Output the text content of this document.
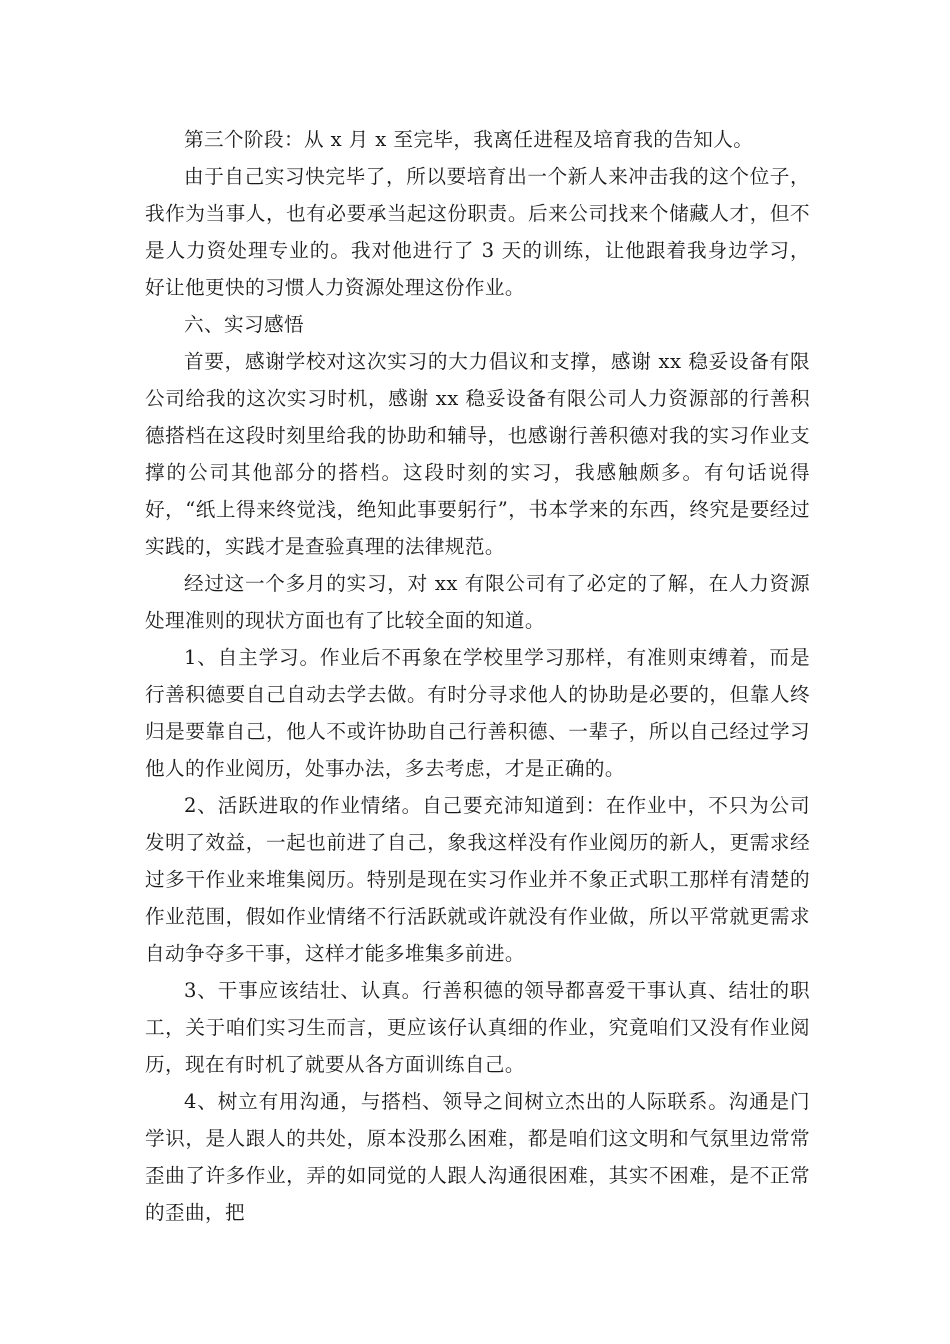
第三个阶段：从 x 月 x 至完毕，我离任进程及培育我的告知人。

由于自己实习快完毕了，所以要培育出一个新人来冲击我的这个位子，我作为当事人，也有必要承当起这份职责。后来公司找来个储藏人才，但不是人力资处理专业的。我对他进行了 3 天的训练，让他跟着我身边学习，好让他更快的习惯人力资源处理这份作业。

六、实习感悟

首要，感谢学校对这次实习的大力倡议和支撑，感谢 xx 稳妥设备有限公司给我的这次实习时机，感谢 xx 稳妥设备有限公司人力资源部的行善积德搭档在这段时刻里给我的协助和辅导，也感谢行善积德对我的实习作业支撑的公司其他部分的搭档。这段时刻的实习，我感触颇多。有句话说得好，“纸上得来终觉浅，绝知此事要躬行”，书本学来的东西，终究是要经过实践的，实践才是查验真理的法律规范。

经过这一个多月的实习，对 xx 有限公司有了必定的了解，在人力资源处理准则的现状方面也有了比较全面的知道。

1、自主学习。作业后不再象在学校里学习那样，有准则束缚着，而是行善积德要自己自动去学去做。有时分寻求他人的协助是必要的，但靠人终归是要靠自己，他人不或许协助自己行善积德、一辈子，所以自己经过学习他人的作业阅历，处事办法，多去考虑，才是正确的。

2、活跃进取的作业情绪。自己要充沛知道到：在作业中，不只为公司发明了效益，一起也前进了自己，象我这样没有作业阅历的新人，更需求经过多干作业来堆集阅历。特别是现在实习作业并不象正式职工那样有清楚的作业范围，假如作业情绪不行活跃就或许就没有作业做，所以平常就更需求自动争夺多干事，这样才能多堆集多前进。

3、干事应该结壮、认真。行善积德的领导都喜爱干事认真、结壮的职工，关于咱们实习生而言，更应该仔认真细的作业，究竟咱们又没有作业阅历，现在有时机了就要从各方面训练自己。

4、树立有用沟通，与搭档、领导之间树立杰出的人际联系。沟通是门学识，是人跟人的共处，原本没那么困难，都是咱们这文明和气氛里边常常歪曲了许多作业，弄的如同觉的人跟人沟通很困难，其实不困难，是不正常的歪曲，把
